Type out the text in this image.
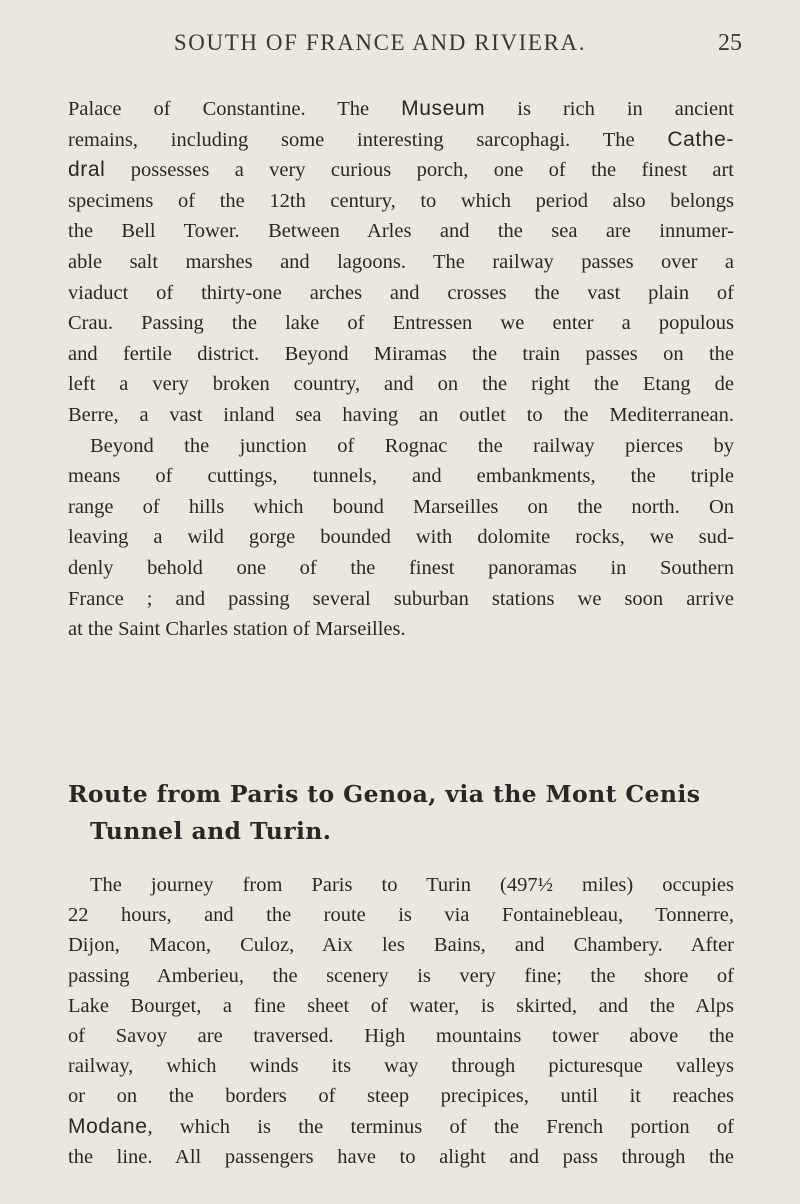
SOUTH OF FRANCE AND RIVIERA.	25
Palace of Constantine. The Museum is rich in ancient
remains, including some interesting sarcophagi. The Cathe-
dral possesses a very curious porch, one of the finest art
specimens of the 12th century, to which period also belongs
the Bell Tower. Between Arles and the sea are innumer-
able salt marshes and lagoons. The railway passes over a
viaduct of thirty-one arches and crosses the vast plain of
Crau. Passing the lake of Entressen we enter a populous
and fertile district. Beyond Miramas the train passes on the
left a very broken country, and on the right the Etang de
Berre, a vast inland sea having an outlet to the Mediterranean.
Beyond the junction of Rognac the railway pierces by
means of cuttings, tunnels, and embankments, the triple
range of hills which bound Marseilles on the north. On
leaving a wild gorge bounded with dolomite rocks, we sud-
denly behold one of the finest panoramas in Southern
France ; and passing several suburban stations we soon arrive
at the Saint Charles station of Marseilles.
Route from Paris to Genoa, via the Mont Cenis
Tunnel and Turin.
The journey from Paris to Turin (497½ miles) occupies
22 hours, and the route is via Fontainebleau, Tonnerre,
Dijon, Macon, Culoz, Aix les Bains, and Chambery. After
passing Amberieu, the scenery is very fine; the shore of
Lake Bourget, a fine sheet of water, is skirted, and the Alps
of Savoy are traversed. High mountains tower above the
railway, which winds its way through picturesque valleys
or on the borders of steep precipices, until it reaches
Modane, which is the terminus of the French portion of
the line. All passengers have to alight and pass through the
